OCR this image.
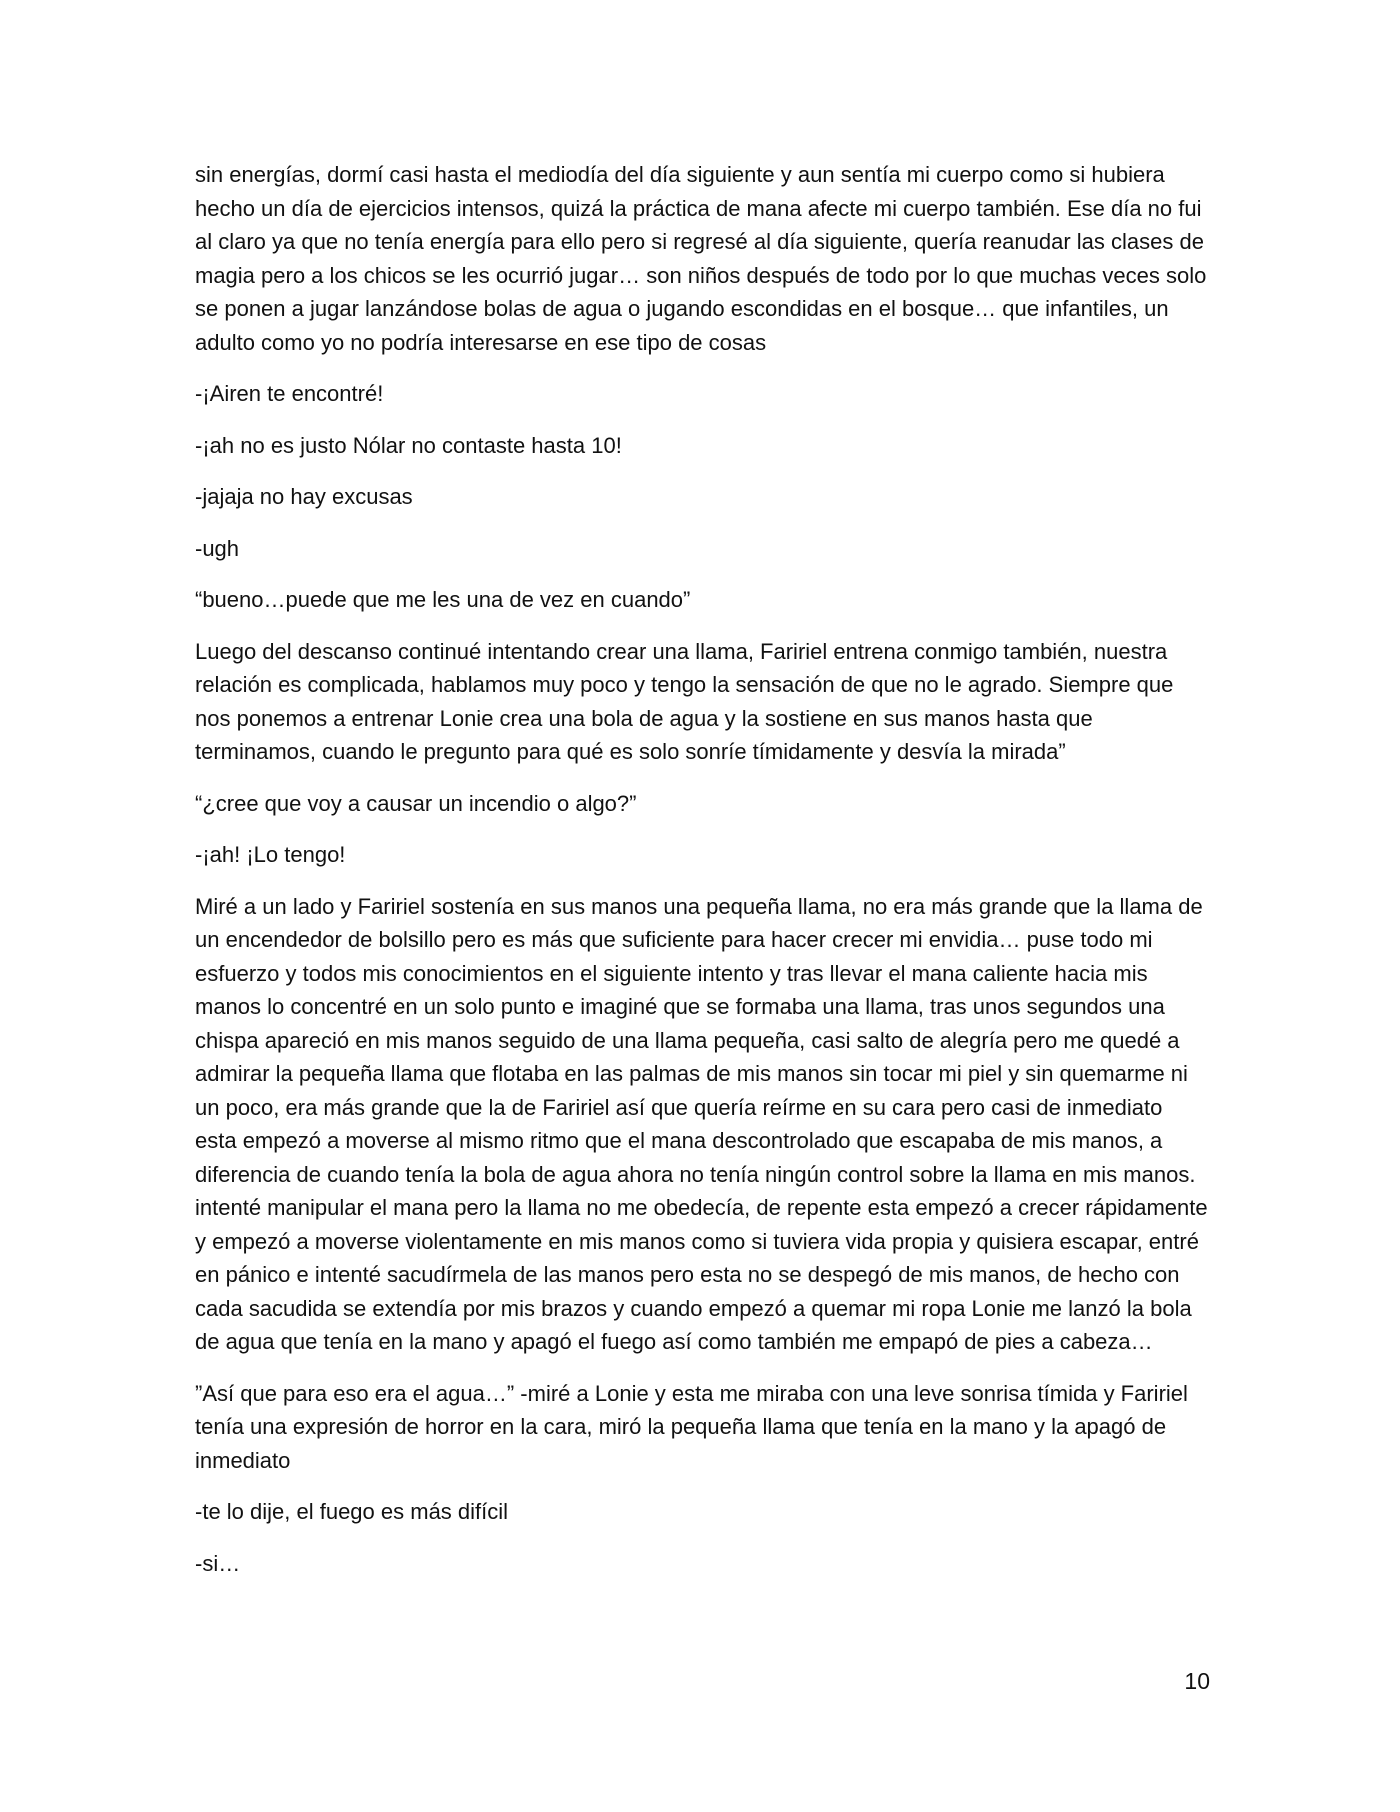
sin energías, dormí casi hasta el mediodía del día siguiente y aun sentía mi cuerpo como si hubiera hecho un día de ejercicios intensos, quizá la práctica de mana afecte mi cuerpo también. Ese día no fui al claro ya que no tenía energía para ello pero si regresé al día siguiente, quería reanudar las clases de magia pero a los chicos se les ocurrió jugar… son niños después de todo por lo que muchas veces solo se ponen a jugar lanzándose bolas de agua o jugando escondidas en el bosque… que infantiles, un adulto como yo no podría interesarse en ese tipo de cosas

-¡Airen te encontré!

-¡ah no es justo Nólar no contaste hasta 10!

-jajaja no hay excusas

-ugh

“bueno…puede que me les una de vez en cuando”

Luego del descanso continué intentando crear una llama, Faririel entrena conmigo también, nuestra relación es complicada, hablamos muy poco y tengo la sensación de que no le agrado. Siempre que nos ponemos a entrenar Lonie crea una bola de agua y la sostiene en sus manos hasta que terminamos, cuando le pregunto para qué es solo sonríe tímidamente y desvía la mirada”

“¿cree que voy a causar un incendio o algo?”

-¡ah! ¡Lo tengo!

Miré a un lado y Faririel sostenía en sus manos una pequeña llama, no era más grande que la llama de un encendedor de bolsillo pero es más que suficiente para hacer crecer mi envidia… puse todo mi esfuerzo y todos mis conocimientos en el siguiente intento y tras llevar el mana caliente hacia mis manos lo concentré en un solo punto e imaginé que se formaba una llama, tras unos segundos una chispa apareció en mis manos seguido de una llama pequeña, casi salto de alegría pero me quedé a admirar la pequeña llama que flotaba en las palmas de mis manos sin tocar mi piel y sin quemarme ni un poco, era más grande que la de Faririel así que quería reírme en su cara pero casi de inmediato esta empezó a moverse al mismo ritmo que el mana descontrolado que escapaba de mis manos, a diferencia de cuando tenía la bola de agua ahora no tenía ningún control sobre la llama en mis manos. intenté manipular el mana pero la llama no me obedecía, de repente esta empezó a crecer rápidamente y empezó a moverse violentamente en mis manos como si tuviera vida propia y quisiera escapar, entré en pánico e intenté sacudírmela de las manos pero esta no se despegó de mis manos, de hecho con cada sacudida se extendía por mis brazos y cuando empezó a quemar mi ropa Lonie me lanzó la bola de agua que tenía en la mano y apagó el fuego así como también me empapó de pies a cabeza…

”Así que para eso era el agua…” -miré a Lonie y esta me miraba con una leve sonrisa tímida y Faririel tenía una expresión de horror en la cara, miró la pequeña llama que tenía en la mano y la apagó de inmediato

-te lo dije, el fuego es más difícil

-si…

10
